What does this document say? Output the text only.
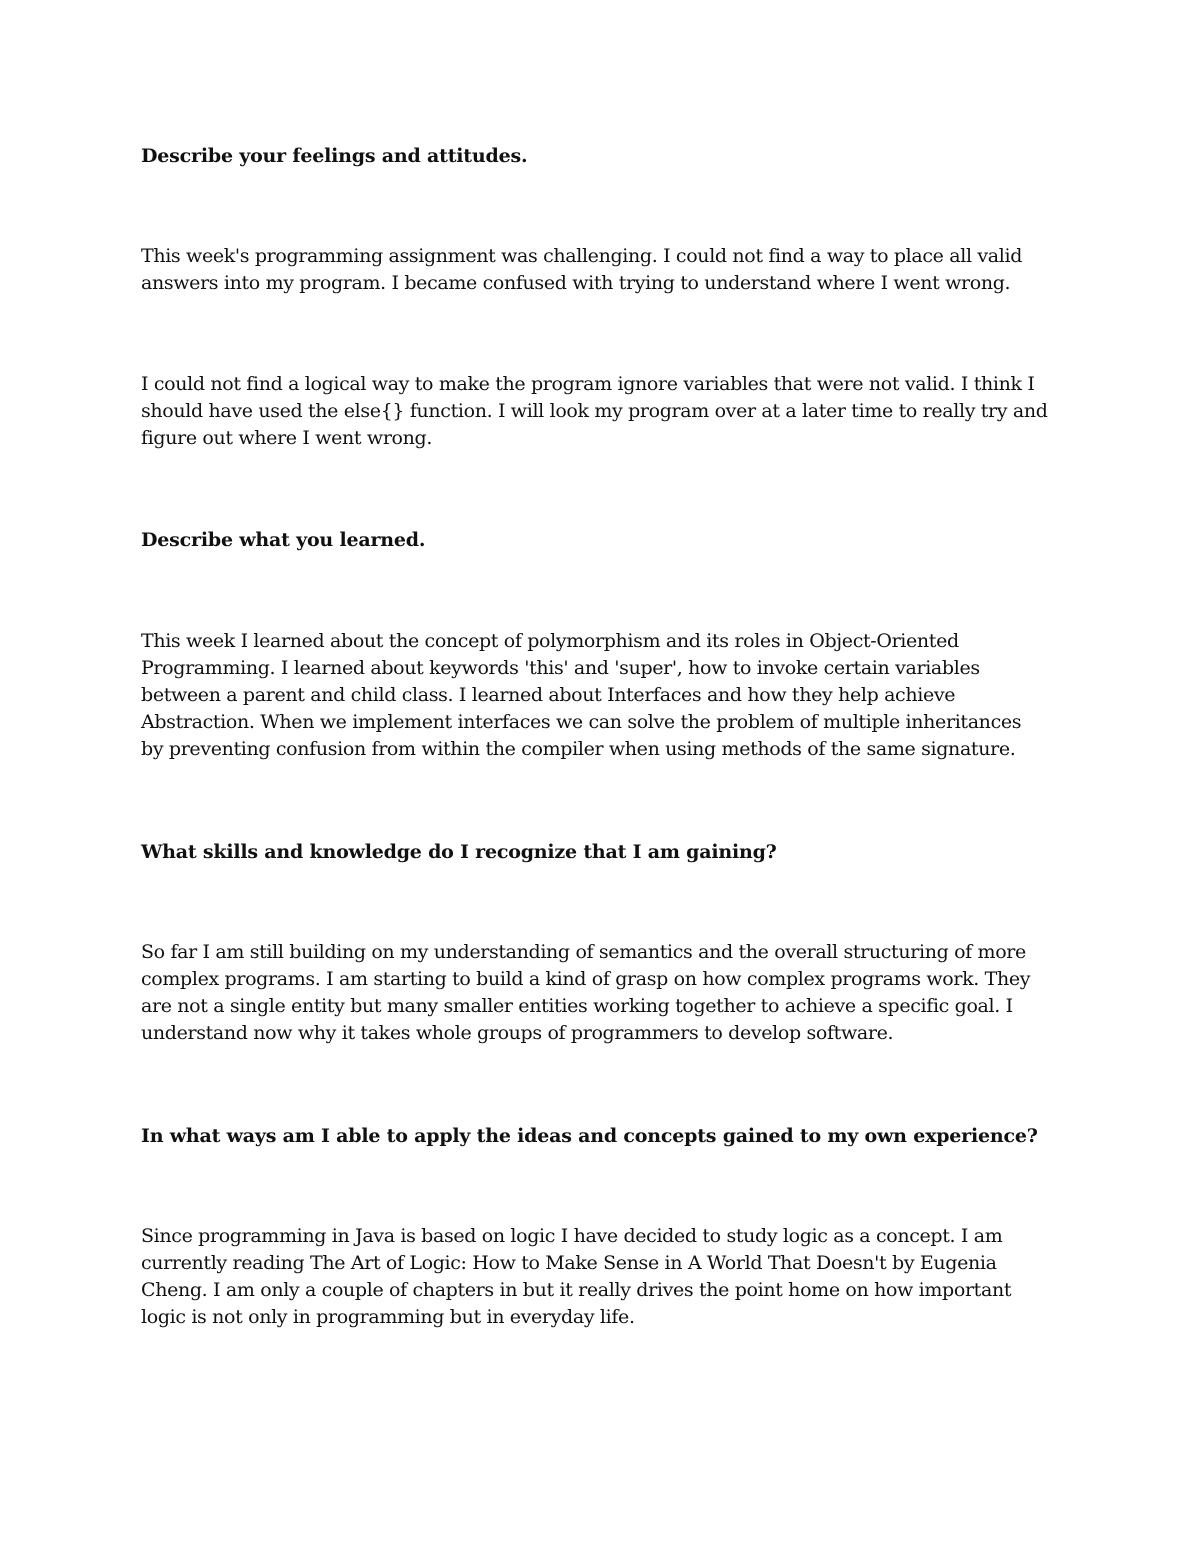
Describe your feelings and attitudes.

This week's programming assignment was challenging. I could not find a way to place all valid
answers into my program. I became confused with trying to understand where I went wrong.

I could not find a logical way to make the program ignore variables that were not valid. I think I
should have used the else{} function. I will look my program over at a later time to really try and
figure out where I went wrong.

Describe what you learned.

This week I learned about the concept of polymorphism and its roles in Object-Oriented
Programming. I learned about keywords 'this' and 'super', how to invoke certain variables
between a parent and child class. I learned about Interfaces and how they help achieve
Abstraction. When we implement interfaces we can solve the problem of multiple inheritances
by preventing confusion from within the compiler when using methods of the same signature.

What skills and knowledge do I recognize that I am gaining?

So far I am still building on my understanding of semantics and the overall structuring of more
complex programs. I am starting to build a kind of grasp on how complex programs work. They
are not a single entity but many smaller entities working together to achieve a specific goal. I
understand now why it takes whole groups of programmers to develop software.

In what ways am I able to apply the ideas and concepts gained to my own experience?

Since programming in Java is based on logic I have decided to study logic as a concept. I am
currently reading The Art of Logic: How to Make Sense in A World That Doesn't by Eugenia
Cheng. I am only a couple of chapters in but it really drives the point home on how important
logic is not only in programming but in everyday life.
